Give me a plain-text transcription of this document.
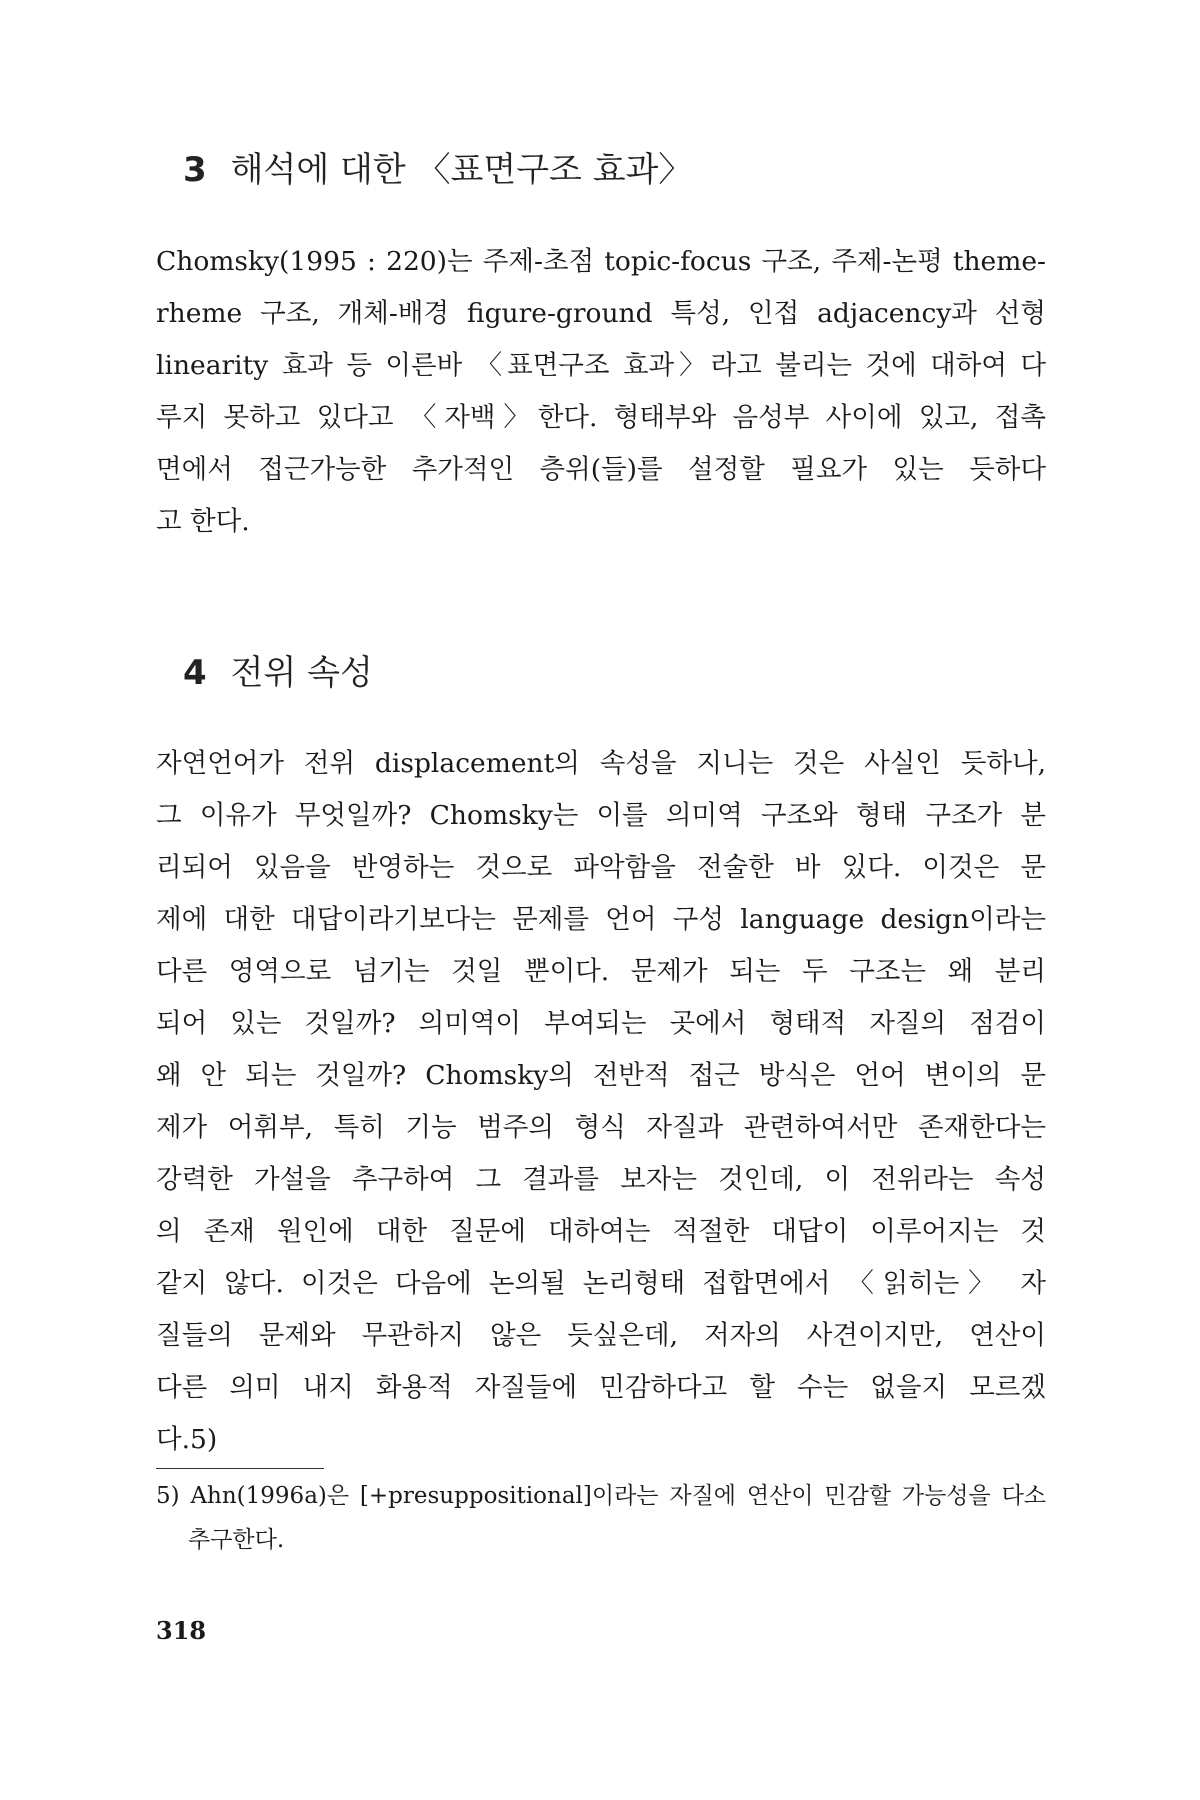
3 해석에 대한 〈표면구조 효과〉

Chomsky(1995 : 220)는 주제-초점 topic-focus 구조, 주제-논평 theme-
rheme 구조, 개체-배경 figure-ground 특성, 인접 adjacency과 선형
linearity 효과 등 이른바 〈표면구조 효과〉라고 불리는 것에 대하여 다
루지 못하고 있다고 〈자백〉한다. 형태부와 음성부 사이에 있고, 접촉
면에서 접근가능한 추가적인 층위(들)를 설정할 필요가 있는 듯하다
고 한다.

4 전위 속성

자연언어가 전위 displacement의 속성을 지니는 것은 사실인 듯하나,
그 이유가 무엇일까? Chomsky는 이를 의미역 구조와 형태 구조가 분
리되어 있음을 반영하는 것으로 파악함을 전술한 바 있다. 이것은 문
제에 대한 대답이라기보다는 문제를 언어 구성 language design이라는
다른 영역으로 넘기는 것일 뿐이다. 문제가 되는 두 구조는 왜 분리
되어 있는 것일까? 의미역이 부여되는 곳에서 형태적 자질의 점검이
왜 안 되는 것일까? Chomsky의 전반적 접근 방식은 언어 변이의 문
제가 어휘부, 특히 기능 범주의 형식 자질과 관련하여서만 존재한다는
강력한 가설을 추구하여 그 결과를 보자는 것인데, 이 전위라는 속성
의 존재 원인에 대한 질문에 대하여는 적절한 대답이 이루어지는 것
같지 않다. 이것은 다음에 논의될 논리형태 접합면에서 〈읽히는〉 자
질들의 문제와 무관하지 않은 듯싶은데, 저자의 사견이지만, 연산이
다른 의미 내지 화용적 자질들에 민감하다고 할 수는 없을지 모르겠
다.5)

5) Ahn(1996a)은 [+presuppositional]이라는 자질에 연산이 민감할 가능성을 다소
추구한다.

318
